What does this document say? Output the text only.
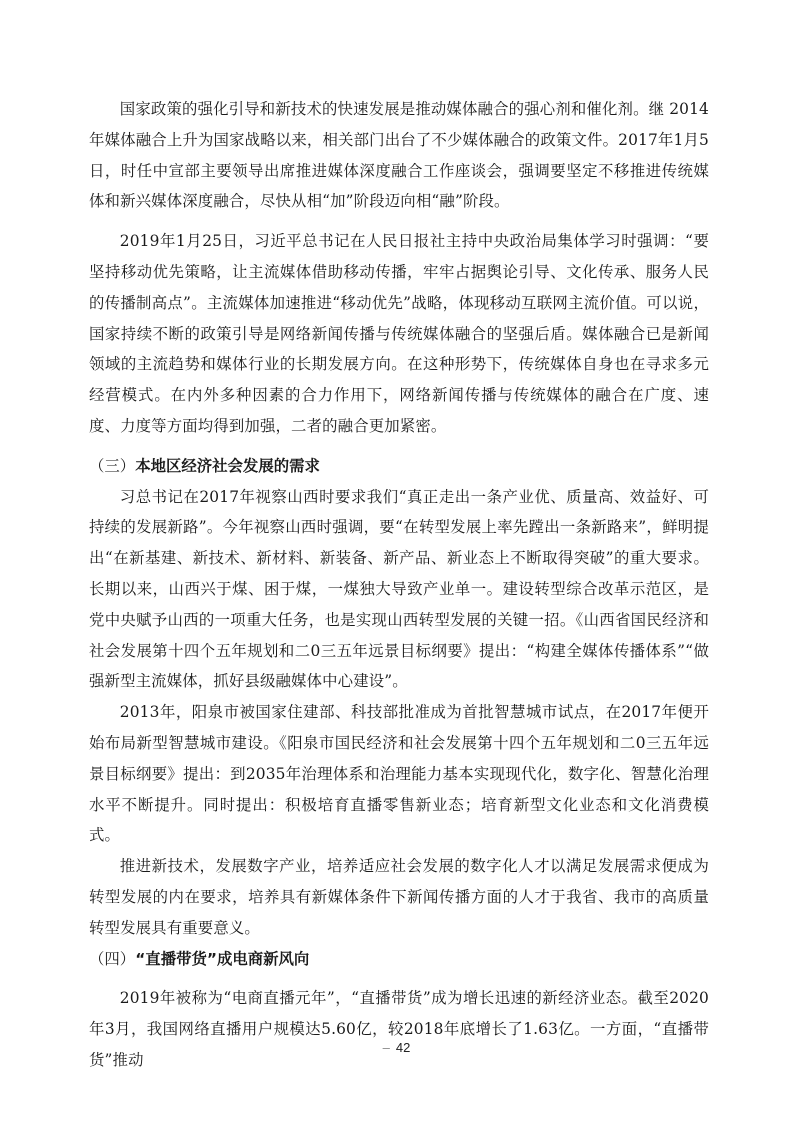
国家政策的强化引导和新技术的快速发展是推动媒体融合的强心剂和催化剂。继 2014 年媒体融合上升为国家战略以来，相关部门出台了不少媒体融合的政策文件。2017年1月5日，时任中宣部主要领导出席推进媒体深度融合工作座谈会，强调要坚定不移推进传统媒体和新兴媒体深度融合，尽快从相“加”阶段迈向相“融”阶段。

2019年1月25日，习近平总书记在人民日报社主持中央政治局集体学习时强调：“要坚持移动优先策略，让主流媒体借助移动传播，牢牢占据舆论引导、文化传承、服务人民的传播制高点”。主流媒体加速推进“移动优先”战略，体现移动互联网主流价值。可以说，国家持续不断的政策引导是网络新闻传播与传统媒体融合的坚强后盾。媒体融合已是新闻领域的主流趋势和媒体行业的长期发展方向。在这种形势下，传统媒体自身也在寻求多元经营模式。在内外多种因素的合力作用下，网络新闻传播与传统媒体的融合在广度、速度、力度等方面均得到加强，二者的融合更加紧密。

（三）本地区经济社会发展的需求

习总书记在2017年视察山西时要求我们“真正走出一条产业优、质量高、效益好、可持续的发展新路”。今年视察山西时强调，要“在转型发展上率先蹚出一条新路来”，鲜明提出“在新基建、新技术、新材料、新装备、新产品、新业态上不断取得突破”的重大要求。长期以来，山西兴于煤、困于煤，一煤独大导致产业单一。建设转型综合改革示范区，是党中央赋予山西的一项重大任务，也是实现山西转型发展的关键一招。《山西省国民经济和社会发展第十四个五年规划和二0三五年远景目标纲要》提出：“构建全媒体传播体系”“做强新型主流媒体，抓好县级融媒体中心建设”。

2013年，阳泉市被国家住建部、科技部批准成为首批智慧城市试点，在2017年便开始布局新型智慧城市建设。《阳泉市国民经济和社会发展第十四个五年规划和二0三五年远景目标纲要》提出：到2035年治理体系和治理能力基本实现现代化，数字化、智慧化治理水平不断提升。同时提出：积极培育直播零售新业态；培育新型文化业态和文化消费模式。

推进新技术，发展数字产业，培养适应社会发展的数字化人才以满足发展需求便成为转型发展的内在要求，培养具有新媒体条件下新闻传播方面的人才于我省、我市的高质量转型发展具有重要意义。

（四）“直播带货”成电商新风向

2019年被称为“电商直播元年”，“直播带货”成为增长迅速的新经济业态。截至2020年3月，我国网络直播用户规模达5.60亿，较2018年底增长了1.63亿。一方面，“直播带货”推动

– 42
